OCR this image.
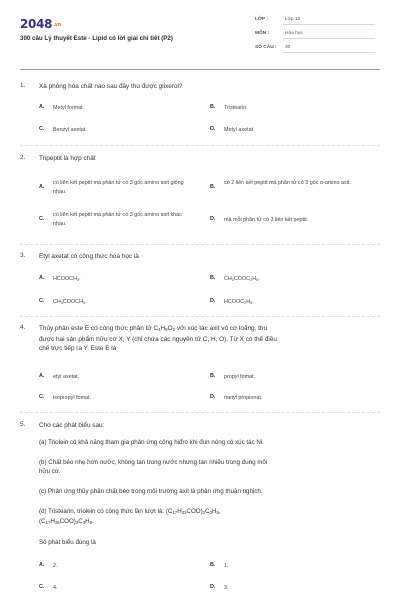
2048.vn
300 câu Lý thuyết Este - Lipid có lời giải chi tiết (P2)
LỚP :	Lớp 12
MÔN :	Hóa học
SỐ CÂU : 30
1. Xà phòng hóa chất nào sau đây thu được glixerol?
A. Metyl format.	B. Tristearin.
C. Benzyl axetat.	D. Metyl axetat
2. Tripeptit là hợp chất
A.
có liên kết peptit mà phân tử có 3 gốc amino axit giống nhau.
B.
có 2 liên kết peptit mà phân tử có 3 gốc α-amino axit.
C.
có liên kết peptit mà phân tử có 3 gốc amino axit khác nhau.
D. mà mỗi phân tử có 3 liên kết peptit.
3. Etyl axetat có công thức hóa học là
A. $HCOOCH_3$.	B. $CH_3COOC_2H_5$.
C. $CH_3COOCH_3$.	D. $HCOOC_2H_5$.
4. Thủy phân este E có công thức phân tử $C_4H_8O_2$ với xúc tác axit vô cơ loãng, thu
được hai sản phẩm hữu cơ X, Y (chỉ chứa các nguyên tử C, H, O). Từ X có thể điều
chế trực tiếp ra Y. Este E là
A. etyl axetat.	B. propyl fomat.
C. isopropyl fomat.	D. metyl propionat.
5. Cho các phát biểu sau:
(a) Triolein có khả năng tham gia phản ứng cộng hiđro khi đun nóng có xúc tác Ni.
(b) Chất béo nhẹ hơn nước, không tan trong nước nhưng tan nhiều trong dung môi
hữu cơ.
(c) Phản ứng thủy phân chất béo trong môi trường axit là phản ứng thuận nghịch.
(d) Tristearin, triolein có công thức lần lượt là: $(C_{17}H_{33}COO)_3C_3H_5$,
$(C_{17}H_{35}COO)_3C_3H_5$.
Số phát biểu đúng là
A. 2.	B. 1.
C. 4.	D. 3.
